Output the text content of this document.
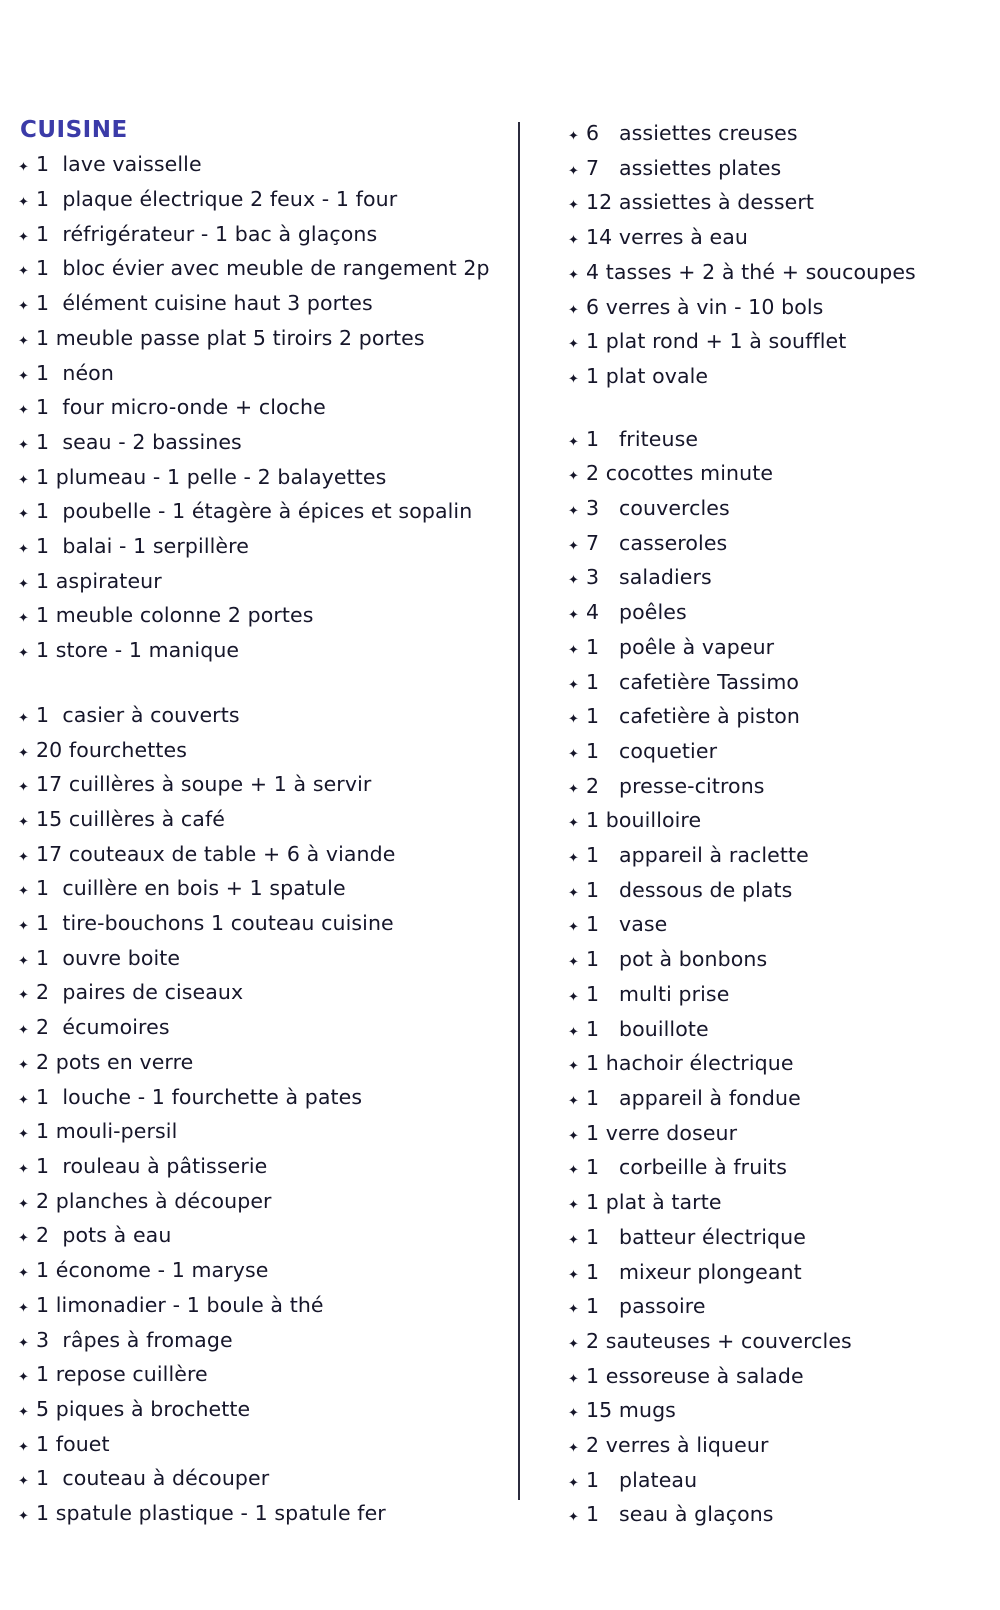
CUISINE
✦ 1  lave vaisselle
✦ 1  plaque électrique 2 feux - 1 four
✦ 1  réfrigérateur - 1 bac à glaçons
✦ 1  bloc évier avec meuble de rangement 2p
✦ 1  élément cuisine haut 3 portes
✦ 1 meuble passe plat 5 tiroirs 2 portes
✦ 1  néon
✦ 1  four micro-onde + cloche
✦ 1  seau - 2 bassines
✦ 1 plumeau - 1 pelle - 2 balayettes
✦ 1  poubelle - 1 étagère à épices et sopalin
✦ 1  balai - 1 serpillère
✦ 1 aspirateur
✦ 1 meuble colonne 2 portes
✦ 1 store - 1 manique
✦ 1  casier à couverts
✦ 20 fourchettes
✦ 17 cuillères à soupe + 1 à servir
✦ 15 cuillères à café
✦ 17 couteaux de table + 6 à viande
✦ 1  cuillère en bois + 1 spatule
✦ 1  tire-bouchons 1 couteau cuisine
✦ 1  ouvre boite
✦ 2  paires de ciseaux
✦ 2  écumoires
✦ 2 pots en verre
✦ 1  louche - 1 fourchette à pates
✦ 1 mouli-persil
✦ 1  rouleau à pâtisserie
✦ 2 planches à découper
✦ 2  pots à eau
✦ 1 économe - 1 maryse
✦ 1 limonadier - 1 boule à thé
✦ 3  râpes à fromage
✦ 1 repose cuillère
✦ 5 piques à brochette
✦ 1 fouet
✦ 1  couteau à découper
✦ 1 spatule plastique - 1 spatule fer
✦ 6   assiettes creuses
✦ 7   assiettes plates
✦ 12 assiettes à dessert
✦ 14 verres à eau
✦ 4 tasses + 2 à thé + soucoupes
✦ 6 verres à vin - 10 bols
✦ 1 plat rond + 1 à soufflet
✦ 1 plat ovale
✦ 1   friteuse
✦ 2 cocottes minute
✦ 3   couvercles
✦ 7   casseroles
✦ 3   saladiers
✦ 4   poêles
✦ 1   poêle à vapeur
✦ 1   cafetière Tassimo
✦ 1   cafetière à piston
✦ 1   coquetier
✦ 2   presse-citrons
✦ 1 bouilloire
✦ 1   appareil à raclette
✦ 1   dessous de plats
✦ 1   vase
✦ 1   pot à bonbons
✦ 1   multi prise
✦ 1   bouillote
✦ 1 hachoir électrique
✦ 1   appareil à fondue
✦ 1 verre doseur
✦ 1   corbeille à fruits
✦ 1 plat à tarte
✦ 1   batteur électrique
✦ 1   mixeur plongeant
✦ 1   passoire
✦ 2 sauteuses + couvercles
✦ 1 essoreuse à salade
✦ 15 mugs
✦ 2 verres à liqueur
✦ 1   plateau
✦ 1   seau à glaçons
